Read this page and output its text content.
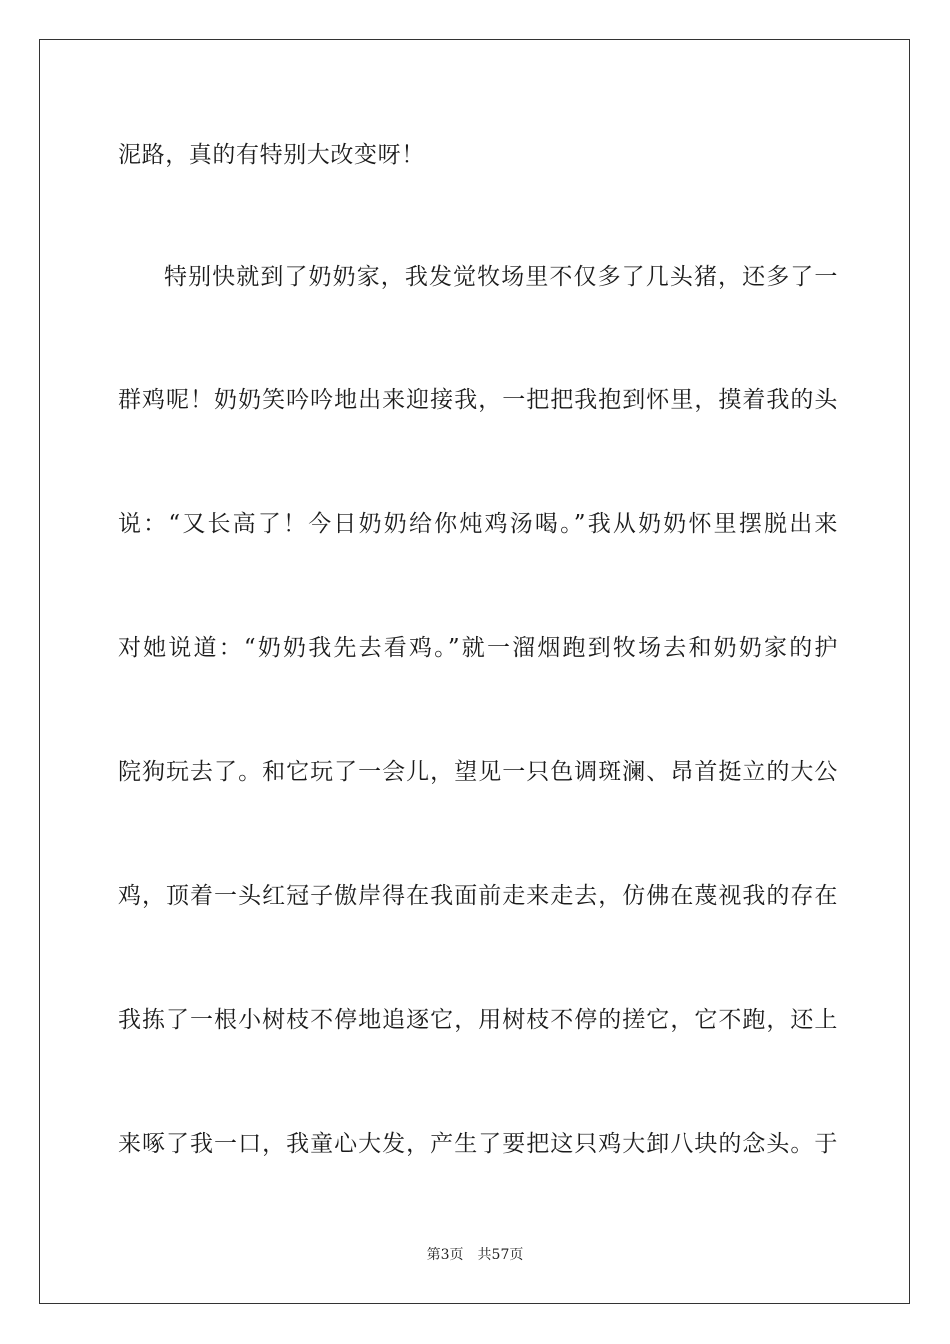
泥路，真的有特别大改变呀！
特别快就到了奶奶家，我发觉牧场里不仅多了几头猪，还多了一
群鸡呢！奶奶笑吟吟地出来迎接我，一把把我抱到怀里，摸着我的头
说：“又长高了！今日奶奶给你炖鸡汤喝。”我从奶奶怀里摆脱出来
对她说道：“奶奶我先去看鸡。”就一溜烟跑到牧场去和奶奶家的护
院狗玩去了。和它玩了一会儿，望见一只色调斑澜、昂首挺立的大公
鸡，顶着一头红冠子傲岸得在我面前走来走去，仿佛在蔑视我的存在
我拣了一根小树枝不停地追逐它，用树枝不停的搓它，它不跑，还上
来啄了我一口，我童心大发，产生了要把这只鸡大卸八块的念头。于
第3页 共57页
